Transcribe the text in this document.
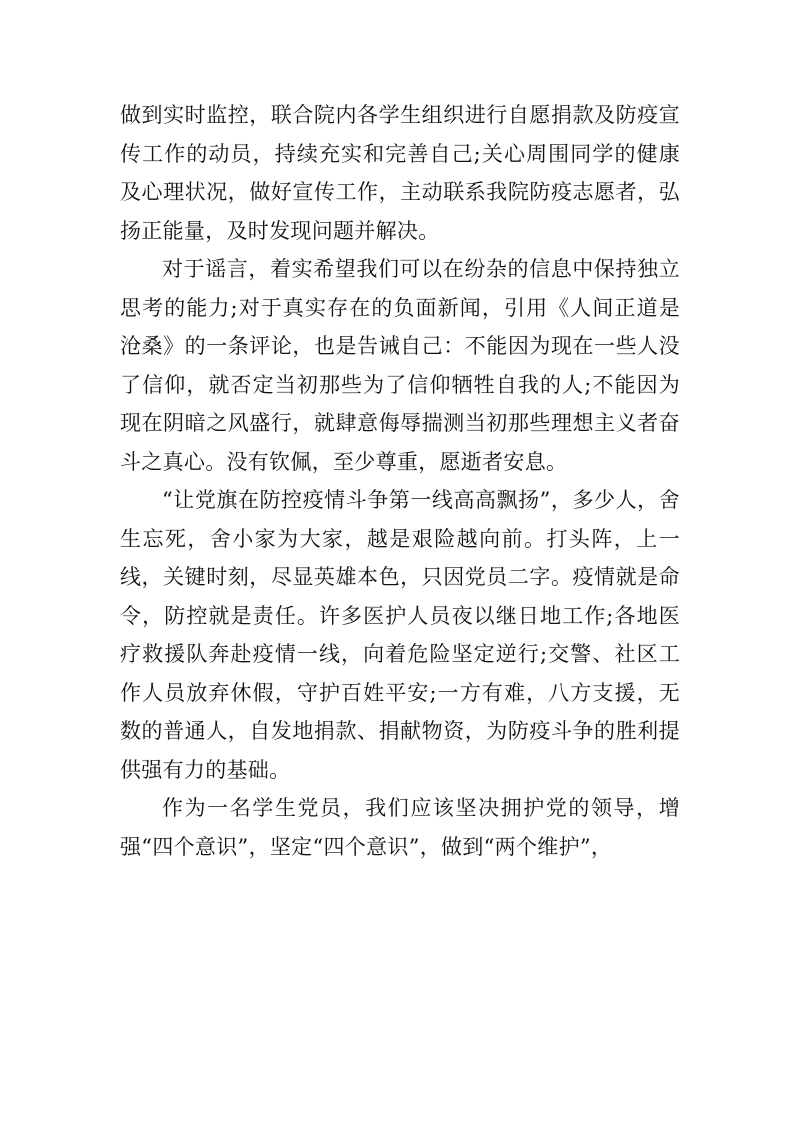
做到实时监控，联合院内各学生组织进行自愿捐款及防疫宣传工作的动员，持续充实和完善自己;关心周围同学的健康及心理状况，做好宣传工作，主动联系我院防疫志愿者，弘扬正能量，及时发现问题并解决。

对于谣言，着实希望我们可以在纷杂的信息中保持独立思考的能力;对于真实存在的负面新闻，引用《人间正道是沧桑》的一条评论，也是告诫自己：不能因为现在一些人没了信仰，就否定当初那些为了信仰牺牲自我的人;不能因为现在阴暗之风盛行，就肆意侮辱揣测当初那些理想主义者奋斗之真心。没有钦佩，至少尊重，愿逝者安息。

“让党旗在防控疫情斗争第一线高高飘扬”，多少人，舍生忘死，舍小家为大家，越是艰险越向前。打头阵，上一线，关键时刻，尽显英雄本色，只因党员二字。疫情就是命令，防控就是责任。许多医护人员夜以继日地工作;各地医疗救援队奔赴疫情一线，向着危险坚定逆行;交警、社区工作人员放弃休假，守护百姓平安;一方有难，八方支援，无数的普通人，自发地捐款、捐献物资，为防疫斗争的胜利提供强有力的基础。

作为一名学生党员，我们应该坚决拥护党的领导，增强“四个意识”，坚定“四个意识”，做到“两个维护”，
